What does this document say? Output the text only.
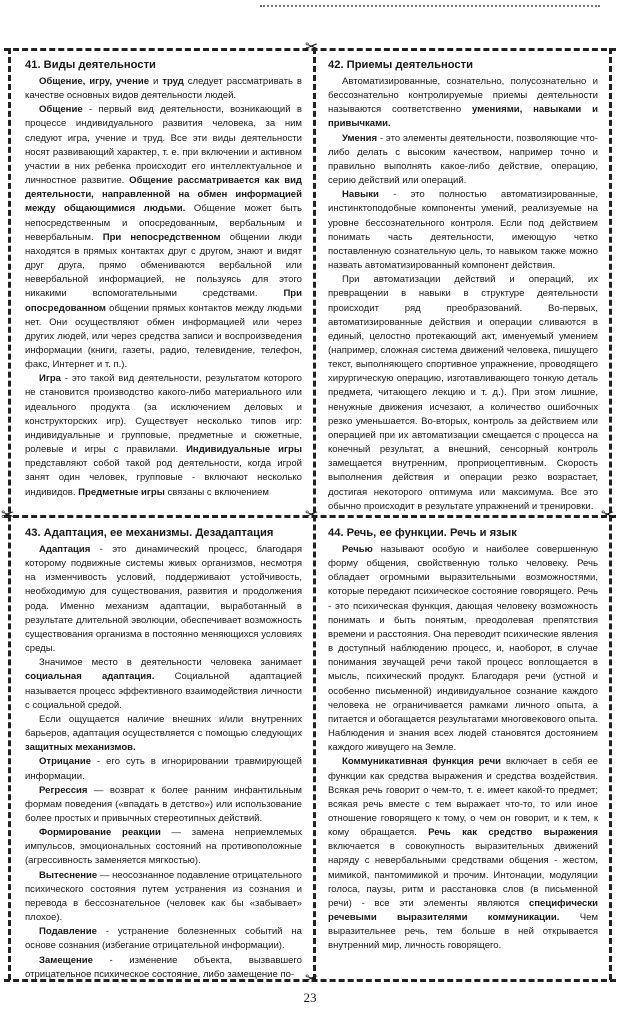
✂
✂	✂	✂
✂
41. Виды деятельности

Общение, игру, учение и труд следует рассматривать в качестве основных видов деятельности людей.

Общение - первый вид деятельности, возникающий в процессе индивидуального развития человека, за ним следуют игра, учение и труд. Все эти виды деятельности носят развивающий характер, т. е. при включении и активном участии в них ребенка происходит его интеллектуальное и личностное развитие. Общение рассматривается как вид деятельности, направленной на обмен информацией между общающимися людьми. Общение может быть непосредственным и опосредованным, вербальным и невербальным. При непосредственном общении люди находятся в прямых контактах друг с другом, знают и видят друг друга, прямо обмениваются вербальной или невербальной информацией, не пользуясь для этого никакими вспомогательными средствами. При опосредованном общении прямых контактов между людьми нет. Они осуществляют обмен информацией или через других людей, или через средства записи и воспроизведения информации (книги, газеты, радио, телевидение, телефон, факс, Интернет и т. п.).

Игра - это такой вид деятельности, результатом которого не становится производство какого-либо материального или идеального продукта (за исключением деловых и конструкторских игр). Существует несколько типов игр: индивидуальные и групповые, предметные и сюжетные, ролевые и игры с правилами. Индивидуальные игры представляют собой такой род деятельности, когда игрой занят один человек, групповые - включают несколько индивидов. Предметные игры связаны с включением

42. Приемы деятельности

Автоматизированные, сознательно, полусознательно и бессознательно контролируемые приемы деятельности называются соответственно умениями, навыками и привычками.

Умения - это элементы деятельности, позволяющие что-либо делать с высоким качеством, например точно и правильно выполнять какое-либо действие, операцию, серию действий или операций.

Навыки - это полностью автоматизированные, инстинктоподобные компоненты умений, реализуемые на уровне бессознательного контроля. Если под действием понимать часть деятельности, имеющую четко поставленную сознательную цель, то навыком также можно назвать автоматизированный компонент действия.

При автоматизации действий и операций, их превращении в навыки в структуре деятельности происходит ряд преобразований. Во-первых, автоматизированные действия и операции сливаются в единый, целостно протекающий акт, именуемый умением (например, сложная система движений человека, пишущего текст, выполняющего спортивное упражнение, проводящего хирургическую операцию, изготавливающего тонкую деталь предмета, читающего лекцию и т. д.). При этом лишние, ненужные движения исчезают, а количество ошибочных резко уменьшается. Во-вторых, контроль за действием или операцией при их автоматизации смещается с процесса на конечный результат, а внешний, сенсорный контроль замещается внутренним, проприоцептивным. Скорость выполнения действия и операции резко возрастает, достигая некоторого оптимума или максимума. Все это обычно происходит в результате упражнений и тренировки.

43. Адаптация, ее механизмы. Дезадаптация

Адаптация - это динамический процесс, благодаря которому подвижные системы живых организмов, несмотря на изменчивость условий, поддерживают устойчивость, необходимую для существования, развития и продолжения рода. Именно механизм адаптации, выработанный в результате длительной эволюции, обеспечивает возможность существования организма в постоянно меняющихся условиях среды.

Значимое место в деятельности человека занимает социальная адаптация. Социальной адаптацией называется процесс эффективного взаимодействия личности с социальной средой.

Если ощущается наличие внешних и/или внутренних барьеров, адаптация осуществляется с помощью следующих защитных механизмов.

Отрицание - его суть в игнорировании травмирующей информации.

Регрессия — возврат к более ранним инфантильным формам поведения («впадать в детство») или использование более простых и привычных стереотипных действий.

Формирование реакции — замена неприемлемых импульсов, эмоциональных состояний на противоположные (агрессивность заменяется мягкостью).

Вытеснение — неосознанное подавление отрицательного психического состояния путем устранения из сознания и перевода в бессознательное (человек как бы «забывает» плохое).

Подавление - устранение болезненных событий на основе сознания (избегание отрицательной информации).

Замещение - изменение объекта, вызвавшего отрицательное психическое состояние, либо замещение по-

44. Речь, ее функции. Речь и язык

Речью называют особую и наиболее совершенную форму общения, свойственную только человеку. Речь обладает огромными выразительными возможностями, которые передают психическое состояние говорящего. Речь - это психическая функция, дающая человеку возможность понимать и быть понятым, преодолевая препятствия времени и расстояния. Она переводит психические явления в доступный наблюдению процесс, и, наоборот, в случае понимания звучащей речи такой процесс воплощается в мысль, психический продукт. Благодаря речи (устной и особенно письменной) индивидуальное сознание каждого человека не ограничивается рамками личного опыта, а питается и обогащается результатами многовекового опыта. Наблюдения и знания всех людей становятся достоянием каждого живущего на Земле.

Коммуникативная функция речи включает в себя ее функции как средства выражения и средства воздействия. Всякая речь говорит о чем-то, т. е. имеет какой-то предмет; всякая речь вместе с тем выражает что-то, то или иное отношение говорящего к тому, о чем он говорит, и к тем, к кому обращается. Речь как средство выражения включается в совокупность выразительных движений наряду с невербальными средствами общения - жестом, мимикой, пантомимикой и прочим. Интонации, модуляции голоса, паузы, ритм и расстановка слов (в письменной речи) - все эти элементы являются специфически речевыми выразителями коммуникации. Чем выразительнее речь, тем больше в ней открывается внутренний мир, личность говорящего.

23
